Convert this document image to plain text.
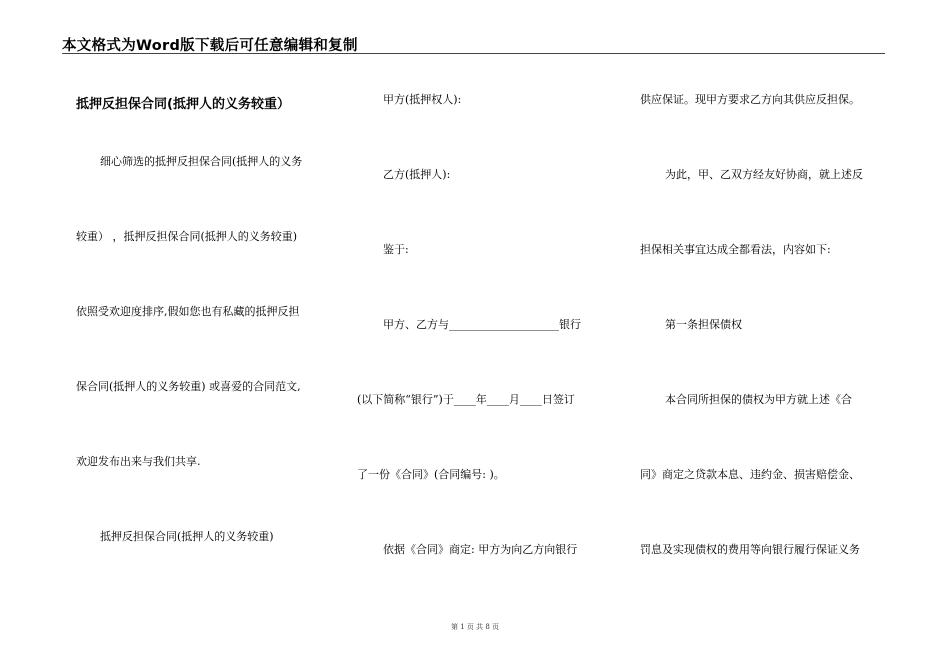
本文格式为Word版下载后可任意编辑和复制
抵押反担保合同(抵押人的义务较重）
细心筛选的抵押反担保合同(抵押人的义务
较重） ，抵押反担保合同(抵押人的义务较重)
依照受欢迎度排序,假如您也有私藏的抵押反担
保合同(抵押人的义务较重) 或喜爱的合同范文,
欢迎发布出来与我们共享.
抵押反担保合同(抵押人的义务较重)
甲方(抵押权人):
乙方(抵押人):
鉴于:
甲方、乙方与____________________银行
(以下简称“银行”)于____年____月____日签订
了一份《合同》(合同编号: )。
依据《合同》商定: 甲方为向乙方向银行
供应保证。现甲方要求乙方向其供应反担保。
为此，甲、乙双方经友好协商，就上述反
担保相关事宜达成全都看法，内容如下:
第一条担保债权
本合同所担保的债权为甲方就上述《合
同》商定之贷款本息、违约金、损害赔偿金、
罚息及实现债权的费用等向银行履行保证义务
第 1 页 共 8 页
